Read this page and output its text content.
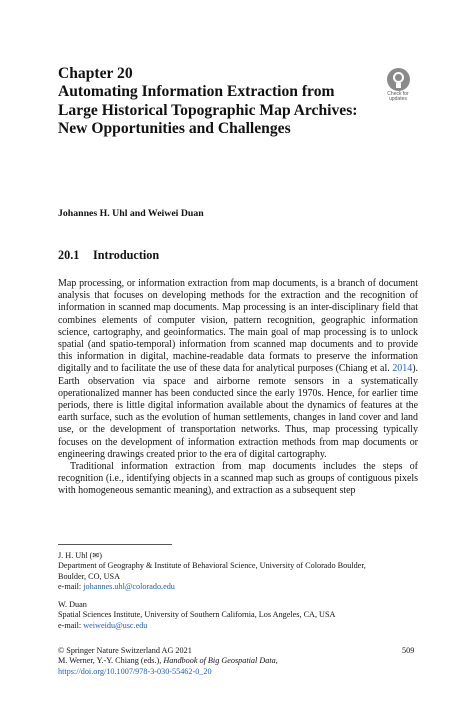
Chapter 20
Automating Information Extraction from Large Historical Topographic Map Archives: New Opportunities and Challenges
Check for
updates
Johannes H. Uhl and Weiwei Duan
20.1 Introduction

Map processing, or information extraction from map documents, is a branch of document analysis that focuses on developing methods for the extraction and the recognition of information in scanned map documents. Map processing is an inter-disciplinary field that combines elements of computer vision, pattern recognition, geographic information science, cartography, and geoinformatics. The main goal of map processing is to unlock spatial (and spatio-temporal) information from scanned map documents and to provide this information in digital, machine-readable data formats to preserve the information digitally and to facilitate the use of these data for analytical purposes (Chiang et al. 2014). Earth observation via space and airborne remote sensors in a systematically operationalized manner has been conducted since the early 1970s. Hence, for earlier time periods, there is little digital information available about the dynamics of features at the earth surface, such as the evolution of human settlements, changes in land cover and land use, or the development of transportation networks. Thus, map processing typically focuses on the development of information extraction methods from map documents or engineering drawings created prior to the era of digital cartography.

Traditional information extraction from map documents includes the steps of recognition (i.e., identifying objects in a scanned map such as groups of contiguous pixels with homogeneous semantic meaning), and extraction as a subsequent step

J. H. Uhl (✉)
Department of Geography & Institute of Behavioral Science, University of Colorado Boulder,
Boulder, CO, USA
e-mail: johannes.uhl@colorado.edu
W. Duan
Spatial Sciences Institute, University of Southern California, Los Angeles, CA, USA
e-mail: weiweidu@usc.edu
© Springer Nature Switzerland AG 2021
M. Werner, Y.-Y. Chiang (eds.), Handbook of Big Geospatial Data,
https://doi.org/10.1007/978-3-030-55462-0_20
509
